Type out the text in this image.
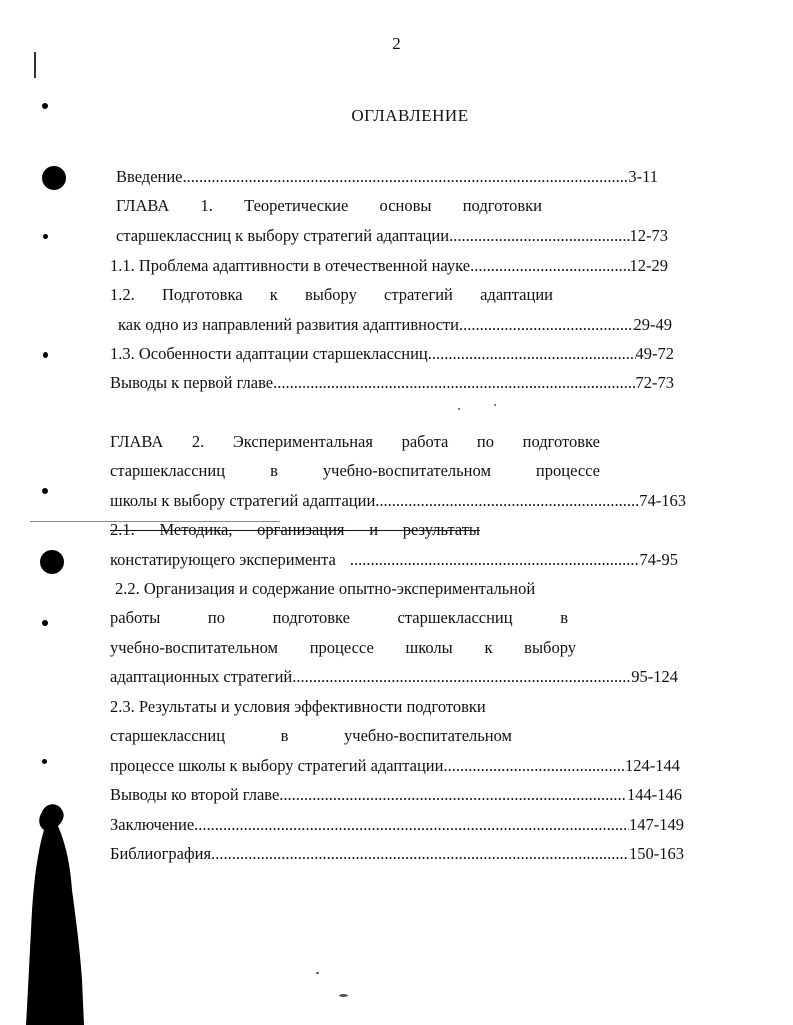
2
ОГЛАВЛЕНИЕ
Введение .....	3-11
ГЛАВА 1. Теоретические основы подготовки
старшеклассниц к выбору стратегий адаптации .....	12-73
1.1. Проблема адаптивности в отечественной науке .....	12-29
1.2. Подготовка к выбору стратегий адаптации
как одно из направлений развития адаптивности .....	29-49
1.3. Особенности адаптации старшеклассниц .....	49-72
Выводы к первой главе .....	72-73
ГЛАВА 2. Экспериментальная работа по подготовке
старшеклассниц в учебно-воспитательном процессе
школы к выбору стратегий адаптации .....	74-163
2.1. Методика, организация и результаты
констатирующего эксперимента .....	74-95
2.2. Организация и содержание опытно-экспериментальной
работы по подготовке старшеклассниц в
учебно-воспитательном процессе школы к выбору
адаптационных стратегий .....	95-124
2.3. Результаты и условия эффективности подготовки
старшеклассниц в учебно-воспитательном
процессе школы к выбору стратегий адаптации .....	124-144
Выводы ко второй главе .....	144-146
Заключение .....	147-149
Библиография .....	150-163
